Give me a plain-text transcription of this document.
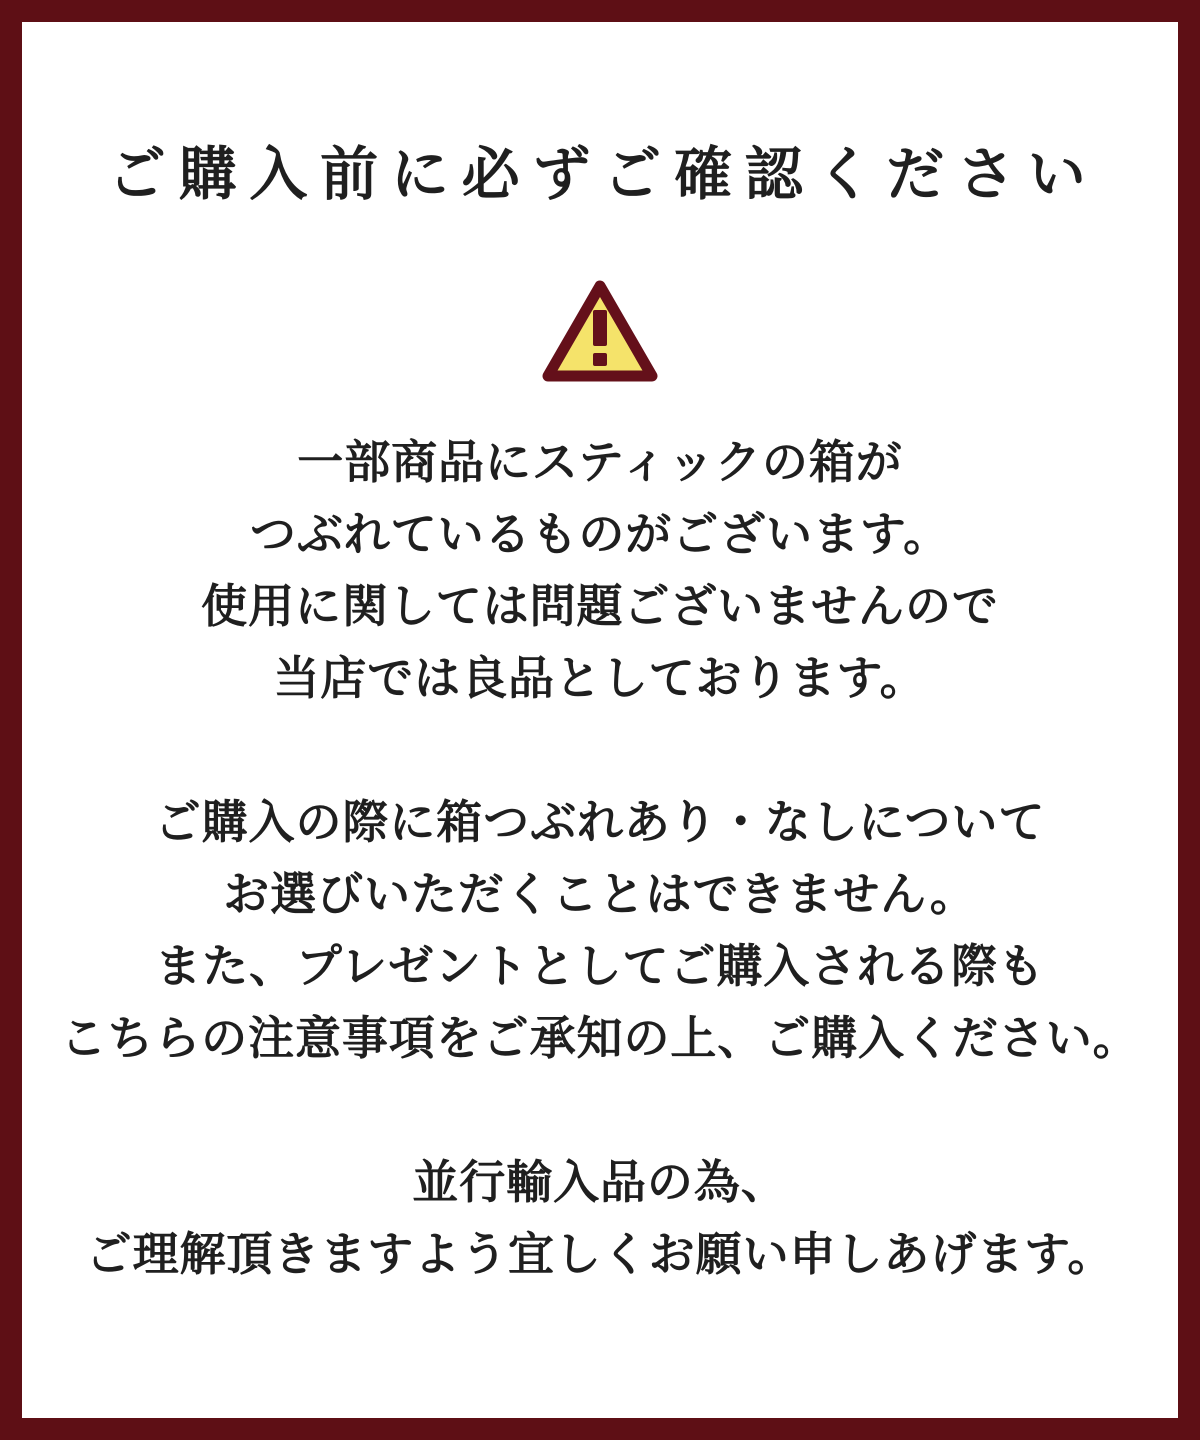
ご購入前に必ずご確認ください
一部商品にスティックの箱が
つぶれているものがございます。
使用に関しては問題ございませんので
当店では良品としております。
ご購入の際に箱つぶれあり・なしについて
お選びいただくことはできません。
また、プレゼントとしてご購入される際も
こちらの注意事項をご承知の上、ご購入ください。
並行輸入品の為、
ご理解頂きますよう宜しくお願い申しあげます。
